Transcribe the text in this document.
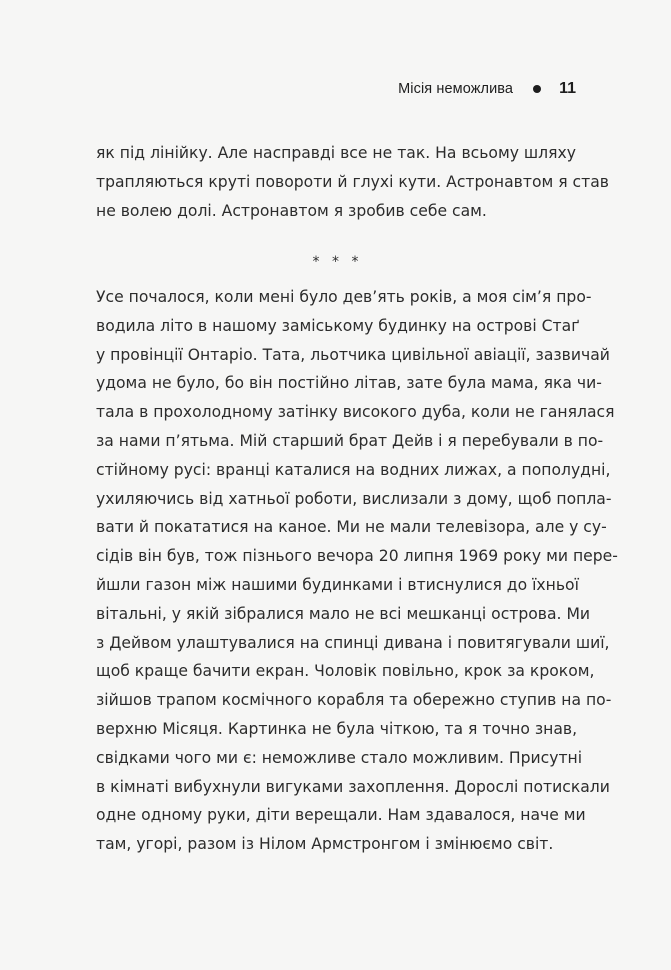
Місія неможлива	11
як під лінійку. Але насправді все не так. На всьому шляху
трапляються круті повороти й глухі кути. Астронавтом я став
не волею долі. Астронавтом я зробив себе сам.
* * *
Усе почалося, коли мені було дев’ять років, а моя сім’я про-
водила літо в нашому заміському будинку на острові Стаґ
у провінції Онтаріо. Тата, льотчика цивільної авіації, зазвичай
удома не було, бо він постійно літав, зате була мама, яка чи-
тала в прохолодному затінку високого дуба, коли не ганялася
за нами п’ятьма. Мій старший брат Дейв і я перебували в по-
стійному русі: вранці каталися на водних лижах, а пополудні,
ухиляючись від хатньої роботи, вислизали з дому, щоб попла-
вати й покататися на каное. Ми не мали телевізора, але у су-
сідів він був, тож пізнього вечора 20 липня 1969 року ми пере-
йшли газон між нашими будинками і втиснулися до їхньої
вітальні, у якій зібралися мало не всі мешканці острова. Ми
з Дейвом улаштувалися на спинці дивана і повитягували шиї,
щоб краще бачити екран. Чоловік повільно, крок за кроком,
зійшов трапом космічного корабля та обережно ступив на по-
верхню Місяця. Картинка не була чіткою, та я точно знав,
свідками чого ми є: неможливе стало можливим. Присутні
в кімнаті вибухнули вигуками захоплення. Дорослі потискали
одне одному руки, діти верещали. Нам здавалося, наче ми
там, угорі, разом із Нілом Армстронгом і змінюємо світ.
